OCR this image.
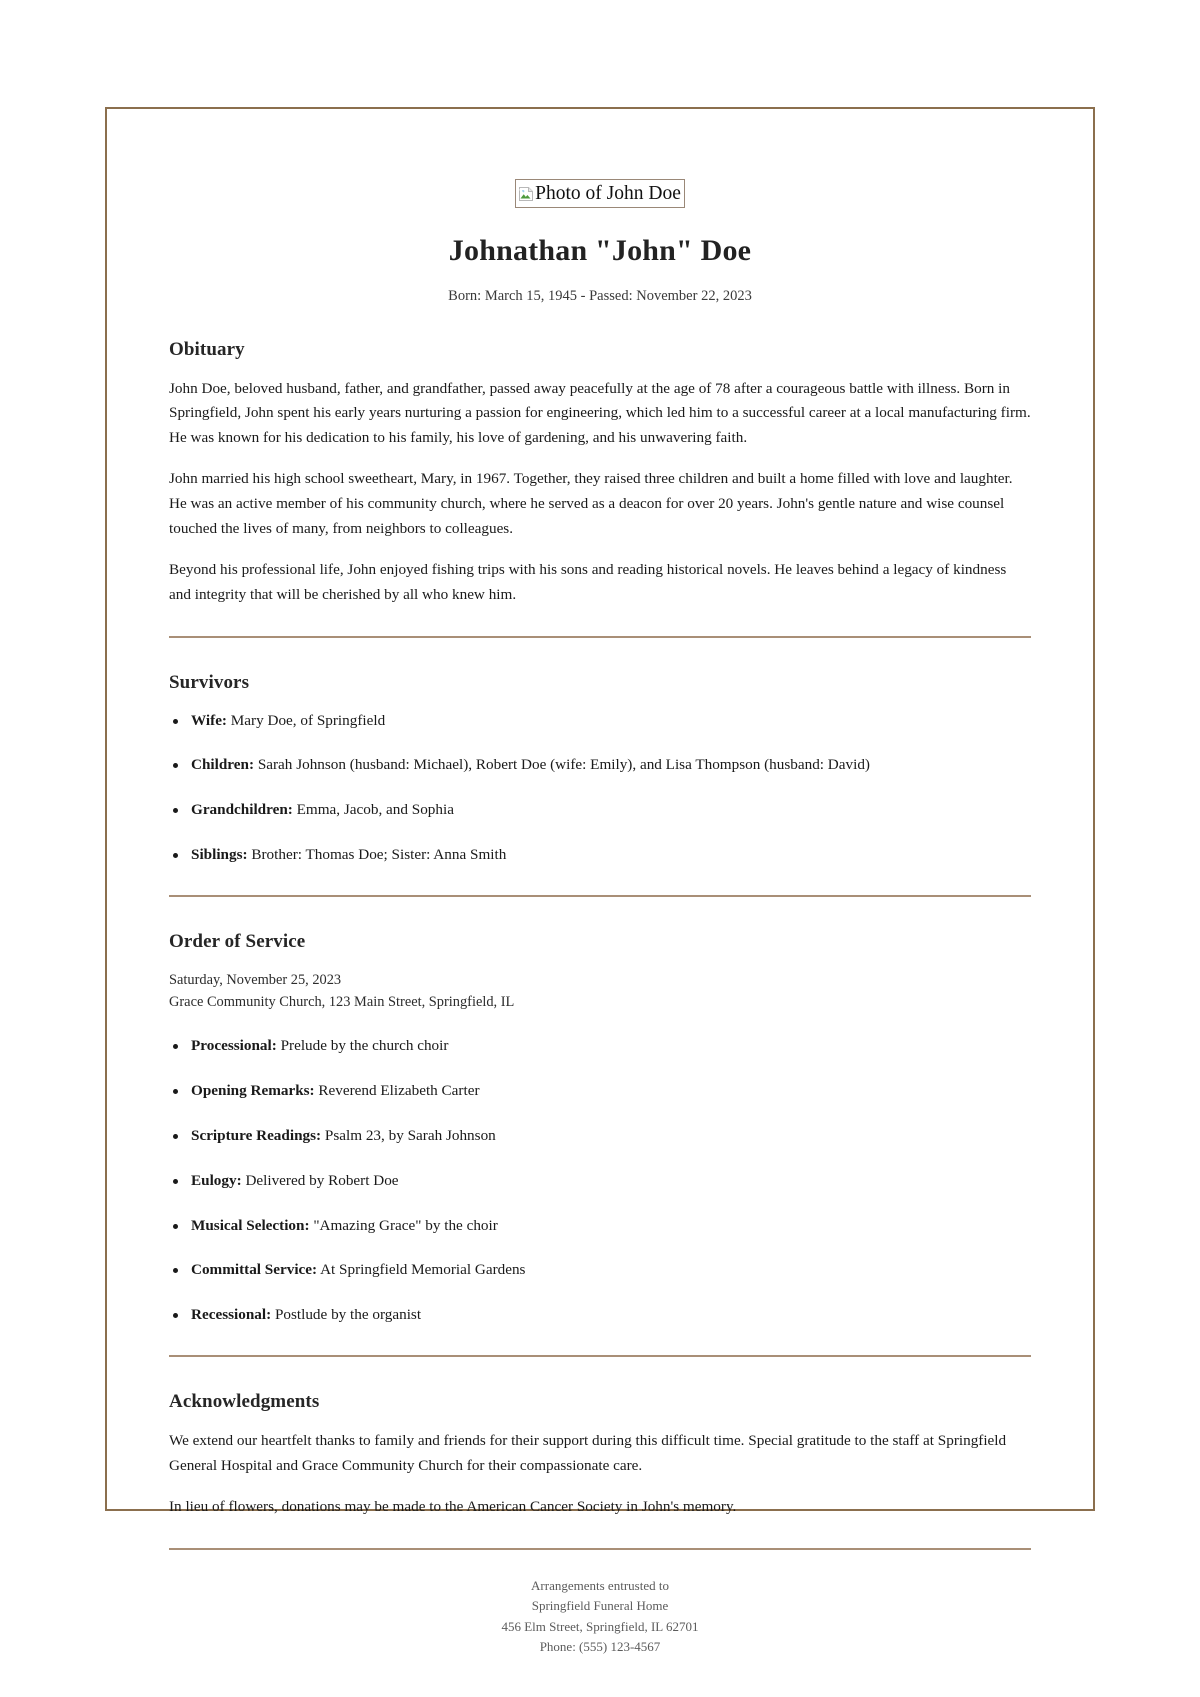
Photo of John Doe
Johnathan "John" Doe

Born: March 15, 1945 - Passed: November 22, 2023

Obituary

John Doe, beloved husband, father, and grandfather, passed away peacefully at the age of 78 after a courageous battle with illness. Born in Springfield, John spent his early years nurturing a passion for engineering, which led him to a successful career at a local manufacturing firm. He was known for his dedication to his family, his love of gardening, and his unwavering faith.

John married his high school sweetheart, Mary, in 1967. Together, they raised three children and built a home filled with love and laughter. He was an active member of his community church, where he served as a deacon for over 20 years. John's gentle nature and wise counsel touched the lives of many, from neighbors to colleagues.

Beyond his professional life, John enjoyed fishing trips with his sons and reading historical novels. He leaves behind a legacy of kindness and integrity that will be cherished by all who knew him.

Survivors
Wife: Mary Doe, of Springfield
Children: Sarah Johnson (husband: Michael), Robert Doe (wife: Emily), and Lisa Thompson (husband: David)
Grandchildren: Emma, Jacob, and Sophia
Siblings: Brother: Thomas Doe; Sister: Anna Smith
Order of Service
Saturday, November 25, 2023
Grace Community Church, 123 Main Street, Springfield, IL
Processional: Prelude by the church choir
Opening Remarks: Reverend Elizabeth Carter
Scripture Readings: Psalm 23, by Sarah Johnson
Eulogy: Delivered by Robert Doe
Musical Selection: "Amazing Grace" by the choir
Committal Service: At Springfield Memorial Gardens
Recessional: Postlude by the organist
Acknowledgments

We extend our heartfelt thanks to family and friends for their support during this difficult time. Special gratitude to the staff at Springfield General Hospital and Grace Community Church for their compassionate care.

In lieu of flowers, donations may be made to the American Cancer Society in John's memory.

Arrangements entrusted to
Springfield Funeral Home
456 Elm Street, Springfield, IL 62701
Phone: (555) 123-4567
